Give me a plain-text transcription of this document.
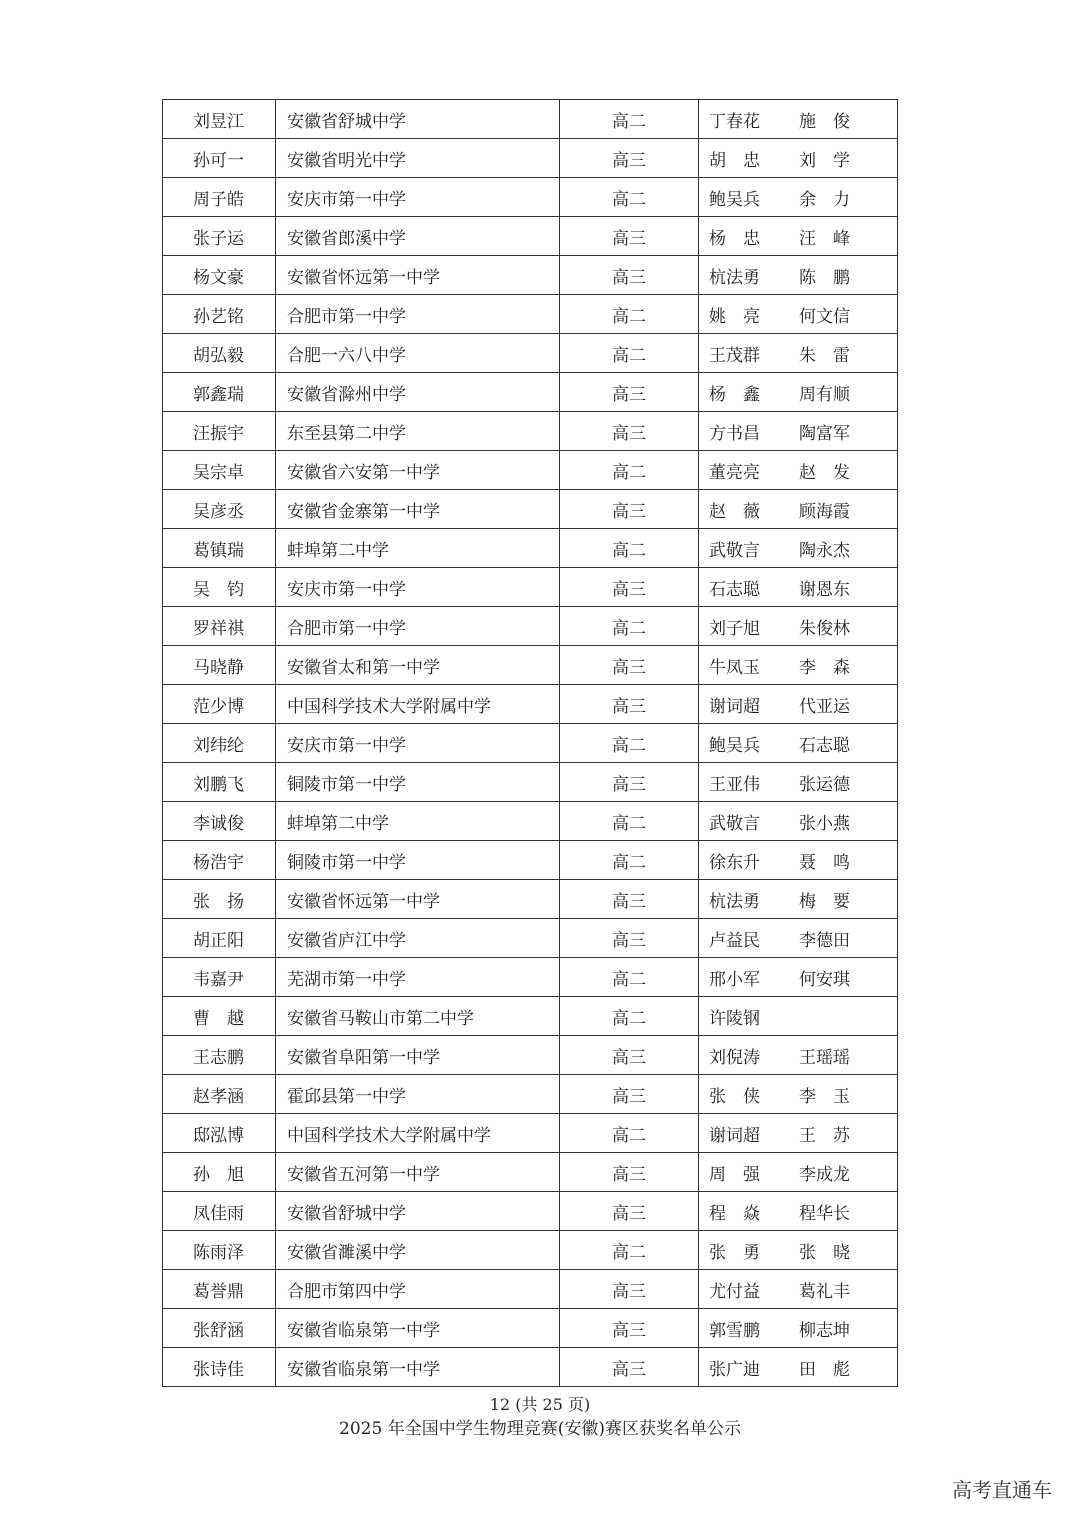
刘昱江	安徽省舒城中学	高二	丁春花 施　俊
孙可一	安徽省明光中学	高三	胡　忠 刘　学
周子皓	安庆市第一中学	高二	鲍吴兵 余　力
张子运	安徽省郎溪中学	高三	杨　忠 汪　峰
杨文豪	安徽省怀远第一中学	高三	杭法勇 陈　鹏
孙艺铭	合肥市第一中学	高二	姚　亮 何文信
胡弘毅	合肥一六八中学	高二	王茂群 朱　雷
郭鑫瑞	安徽省滁州中学	高三	杨　鑫 周有顺
汪振宇	东至县第二中学	高三	方书昌 陶富军
吴宗卓	安徽省六安第一中学	高二	董亮亮 赵　发
吴彦丞	安徽省金寨第一中学	高三	赵　薇 顾海霞
葛镇瑞	蚌埠第二中学	高二	武敬言 陶永杰
吴　钧	安庆市第一中学	高三	石志聪 谢恩东
罗祥祺	合肥市第一中学	高二	刘子旭 朱俊林
马晓静	安徽省太和第一中学	高三	牛凤玉 李　森
范少博	中国科学技术大学附属中学	高三	谢词超 代亚运
刘纬纶	安庆市第一中学	高二	鲍吴兵 石志聪
刘鹏飞	铜陵市第一中学	高三	王亚伟 张运德
李诚俊	蚌埠第二中学	高二	武敬言 张小燕
杨浩宇	铜陵市第一中学	高二	徐东升 聂　鸣
张　扬	安徽省怀远第一中学	高三	杭法勇 梅　要
胡正阳	安徽省庐江中学	高三	卢益民 李德田
韦嘉尹	芜湖市第一中学	高二	邢小军 何安琪
曹　越	安徽省马鞍山市第二中学	高二	许陵钢
王志鹏	安徽省阜阳第一中学	高三	刘倪涛 王瑶瑶
赵孝涵	霍邱县第一中学	高三	张　侠 李　玉
邸泓博	中国科学技术大学附属中学	高二	谢词超 王　苏
孙　旭	安徽省五河第一中学	高三	周　强 李成龙
凤佳雨	安徽省舒城中学	高三	程　焱 程华长
陈雨泽	安徽省濉溪中学	高二	张　勇 张　晓
葛誉鼎	合肥市第四中学	高三	尤付益 葛礼丰
张舒涵	安徽省临泉第一中学	高三	郭雪鹏 柳志坤
张诗佳	安徽省临泉第一中学	高三	张广迪 田　彪
12 (共 25 页)
2025 年全国中学生物理竞赛(安徽)赛区获奖名单公示
高考直通车
